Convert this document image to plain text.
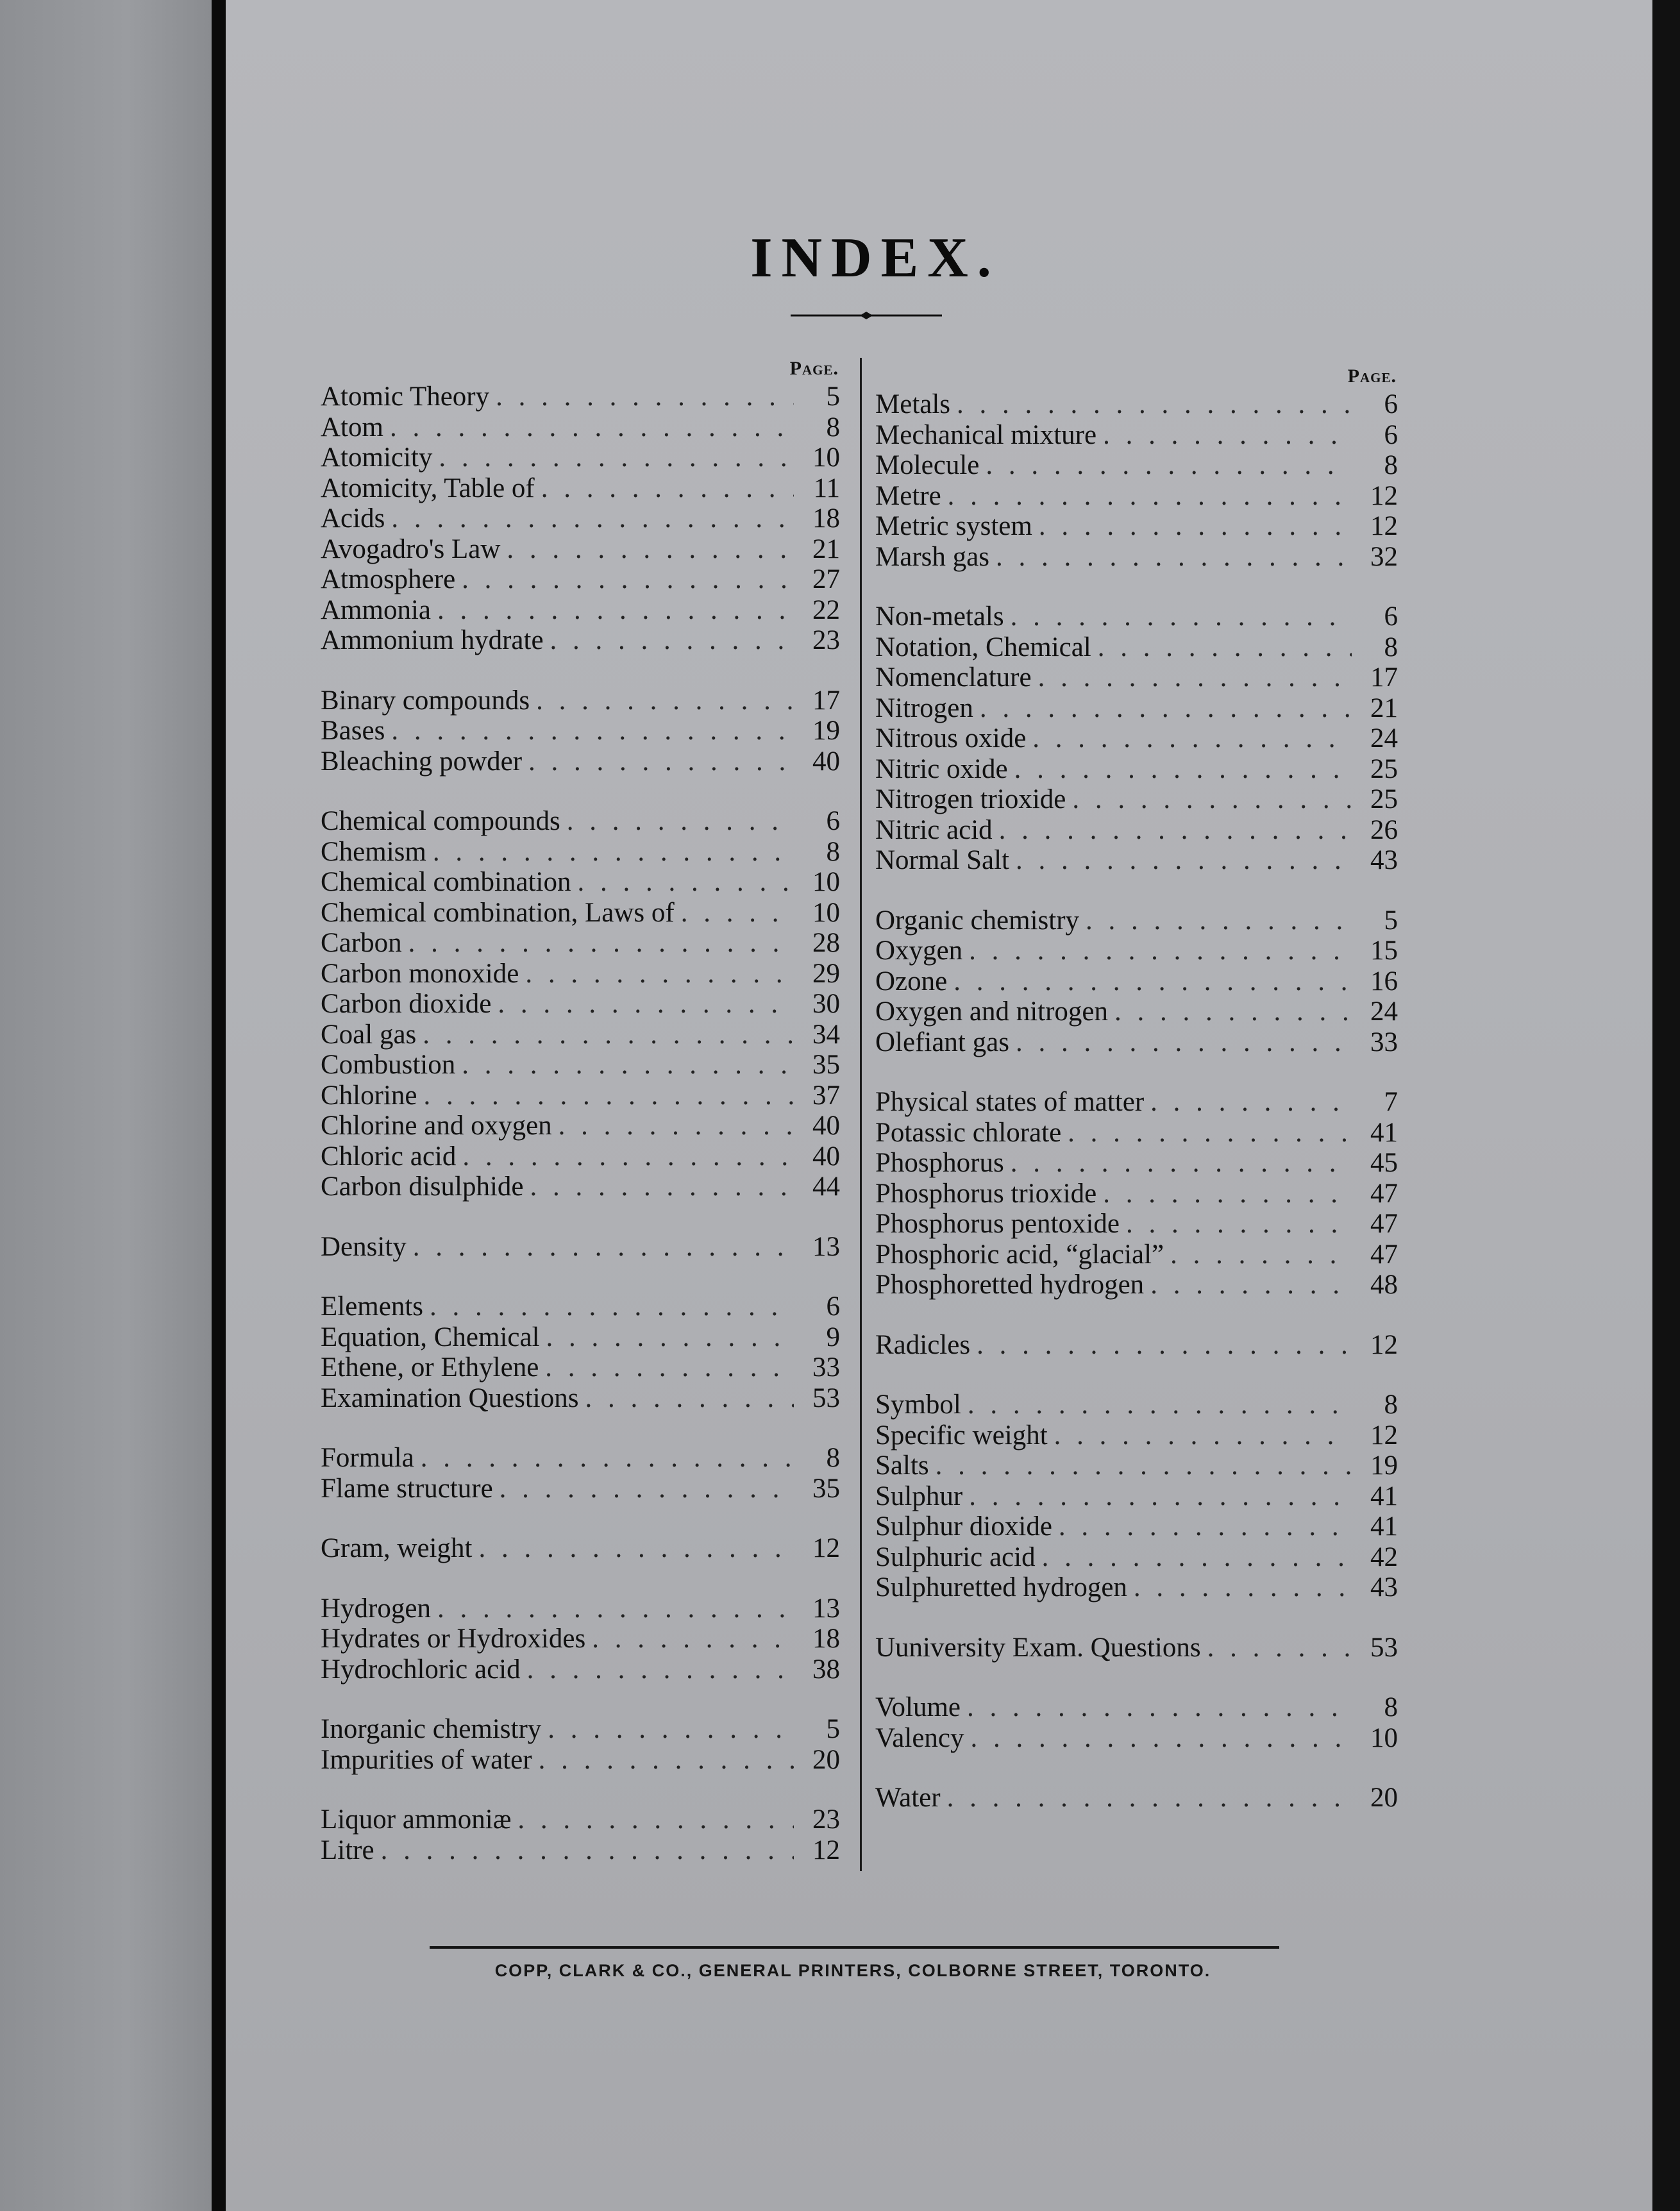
INDEX.
Page.
Atomic Theory . . .	5
Atom . . .	8
Atomicity . . .	10
Atomicity, Table of . . .	11
Acids . . .	18
Avogadro's Law . . .	21
Atmosphere . . .	27
Ammonia . . .	22
Ammonium hydrate . . .	23
Binary compounds . . .	17
Bases . . .	19
Bleaching powder . . .	40
Chemical compounds . . .	6
Chemism . . .	8
Chemical combination . . .	10
Chemical combination, Laws of . . .	10
Carbon . . .	28
Carbon monoxide . . .	29
Carbon dioxide . . .	30
Coal gas . . .	34
Combustion . . .	35
Chlorine . . .	37
Chlorine and oxygen . . .	40
Chloric acid . . .	40
Carbon disulphide . . .	44
Density . . .	13
Elements . . .	6
Equation, Chemical . . .	9
Ethene, or Ethylene . . .	33
Examination Questions . . .	53
Formula . . .	8
Flame structure . . .	35
Gram, weight . . .	12
Hydrogen . . .	13
Hydrates or Hydroxides . . .	18
Hydrochloric acid . . .	38
Inorganic chemistry . . .	5
Impurities of water . . .	20
Liquor ammoniæ . . .	23
Litre . . .	12
Page.
Metals . . .	6
Mechanical mixture . . .	6
Molecule . . .	8
Metre . . .	12
Metric system . . .	12
Marsh gas . . .	32
Non-metals . . .	6
Notation, Chemical . . .	8
Nomenclature . . .	17
Nitrogen . . .	21
Nitrous oxide . . .	24
Nitric oxide . . .	25
Nitrogen trioxide . . .	25
Nitric acid . . .	26
Normal Salt . . .	43
Organic chemistry . . .	5
Oxygen . . .	15
Ozone . . .	16
Oxygen and nitrogen . . .	24
Olefiant gas . . .	33
Physical states of matter . . .	7
Potassic chlorate . . .	41
Phosphorus . . .	45
Phosphorus trioxide . . .	47
Phosphorus pentoxide . . .	47
Phosphoric acid, “glacial” . . .	47
Phosphoretted hydrogen . . .	48
Radicles . . .	12
Symbol . . .	8
Specific weight . . .	12
Salts . . .	19
Sulphur . . .	41
Sulphur dioxide . . .	41
Sulphuric acid . . .	42
Sulphuretted hydrogen . . .	43
Uuniversity Exam. Questions . . .	53
Volume . . .	8
Valency . . .	10
Water . . .	20
COPP, CLARK & CO., GENERAL PRINTERS, COLBORNE STREET, TORONTO.
